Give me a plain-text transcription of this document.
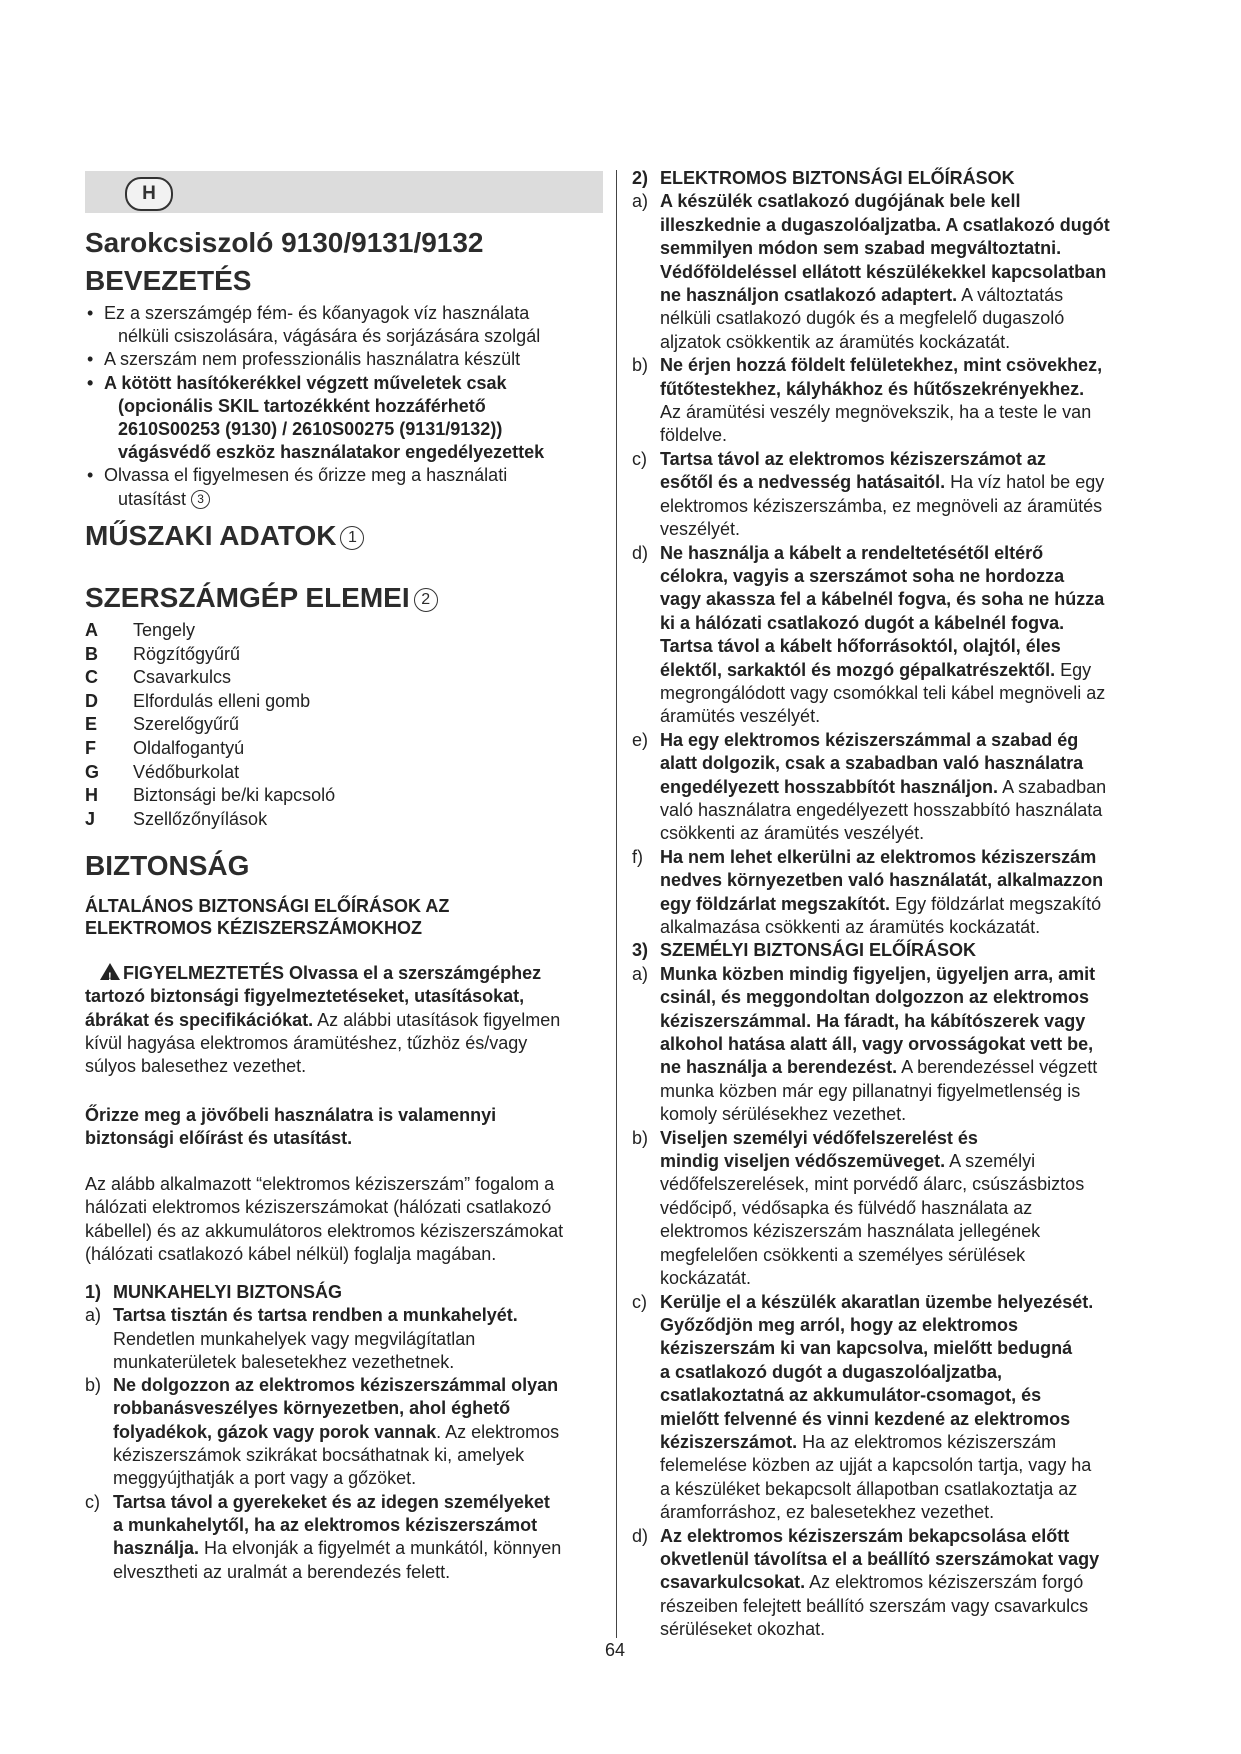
H
Sarokcsiszoló 9130/9131/9132
BEVEZETÉS
• Ez a szerszámgép fém- és kőanyagok víz használata
nélküli csiszolására, vágására és sorjázására szolgál
• A szerszám nem professzionális használatra készült
• A kötött hasítókerékkel végzett műveletek csak
(opcionális SKIL tartozékként hozzáférhető
2610S00253 (9130) / 2610S00275 (9131/9132))
vágásvédő eszköz használatakor engedélyezettek
• Olvassa el figyelmesen és őrizze meg a használati
utasítást 3
MŰSZAKI ADATOK 1
SZERSZÁMGÉP ELEMEI 2
A	Tengely
B	Rögzítőgyűrű
C	Csavarkulcs
D	Elfordulás elleni gomb
E	Szerelőgyűrű
F	Oldalfogantyú
G	Védőburkolat
H	Biztonsági be/ki kapcsoló
J	Szellőzőnyílások
BIZTONSÁG
ÁLTALÁNOS BIZTONSÁGI ELŐÍRÁSOK AZ
ELEKTROMOS KÉZISZERSZÁMOKHOZ
! FIGYELMEZTETÉS Olvassa el a szerszámgéphez
tartozó biztonsági figyelmeztetéseket, utasításokat,
ábrákat és specifikációkat. Az alábbi utasítások figyelmen
kívül hagyása elektromos áramütéshez, tűzhöz és/vagy
súlyos balesethez vezethet.
Őrizze meg a jövőbeli használatra is valamennyi
biztonsági előírást és utasítást.
Az alább alkalmazott “elektromos kéziszerszám” fogalom a
hálózati elektromos kéziszerszámokat (hálózati csatlakozó
kábellel) és az akkumulátoros elektromos kéziszerszámokat
(hálózati csatlakozó kábel nélkül) foglalja magában.
1) MUNKAHELYI BIZTONSÁG
a) Tartsa tisztán és tartsa rendben a munkahelyét.
Rendetlen munkahelyek vagy megvilágítatlan
munkaterületek balesetekhez vezethetnek.
b) Ne dolgozzon az elektromos kéziszerszámmal olyan
robbanásveszélyes környezetben, ahol éghető
folyadékok, gázok vagy porok vannak. Az elektromos
kéziszerszámok szikrákat bocsáthatnak ki, amelyek
meggyújthatják a port vagy a gőzöket.
c) Tartsa távol a gyerekeket és az idegen személyeket
a munkahelytől, ha az elektromos kéziszerszámot
használja. Ha elvonják a figyelmét a munkától, könnyen
elvesztheti az uralmát a berendezés felett.
2) ELEKTROMOS BIZTONSÁGI ELŐÍRÁSOK
a) A készülék csatlakozó dugójának bele kell
illeszkednie a dugaszolóaljzatba. A csatlakozó dugót
semmilyen módon sem szabad megváltoztatni.
Védőföldeléssel ellátott készülékekkel kapcsolatban
ne használjon csatlakozó adaptert. A változtatás
nélküli csatlakozó dugók és a megfelelő dugaszoló
aljzatok csökkentik az áramütés kockázatát.
b) Ne érjen hozzá földelt felületekhez, mint csövekhez,
fűtőtestekhez, kályhákhoz és hűtőszekrényekhez.
Az áramütési veszély megnövekszik, ha a teste le van
földelve.
c) Tartsa távol az elektromos kéziszerszámot az
esőtől és a nedvesség hatásaitól. Ha víz hatol be egy
elektromos kéziszerszámba, ez megnöveli az áramütés
veszélyét.
d) Ne használja a kábelt a rendeltetésétől eltérő
célokra, vagyis a szerszámot soha ne hordozza
vagy akassza fel a kábelnél fogva, és soha ne húzza
ki a hálózati csatlakozó dugót a kábelnél fogva.
Tartsa távol a kábelt hőforrásoktól, olajtól, éles
élektől, sarkaktól és mozgó gépalkatrészektől. Egy
megrongálódott vagy csomókkal teli kábel megnöveli az
áramütés veszélyét.
e) Ha egy elektromos kéziszerszámmal a szabad ég
alatt dolgozik, csak a szabadban való használatra
engedélyezett hosszabbítót használjon. A szabadban
való használatra engedélyezett hosszabbító használata
csökkenti az áramütés veszélyét.
f) Ha nem lehet elkerülni az elektromos kéziszerszám
nedves környezetben való használatát, alkalmazzon
egy földzárlat megszakítót. Egy földzárlat megszakító
alkalmazása csökkenti az áramütés kockázatát.
3) SZEMÉLYI BIZTONSÁGI ELŐÍRÁSOK
a) Munka közben mindig figyeljen, ügyeljen arra, amit
csinál, és meggondoltan dolgozzon az elektromos
kéziszerszámmal. Ha fáradt, ha kábítószerek vagy
alkohol hatása alatt áll, vagy orvosságokat vett be,
ne használja a berendezést. A berendezéssel végzett
munka közben már egy pillanatnyi figyelmetlenség is
komoly sérülésekhez vezethet.
b) Viseljen személyi védőfelszerelést és
mindig viseljen védőszemüveget. A személyi
védőfelszerelések, mint porvédő álarc, csúszásbiztos
védőcipő, védősapka és fülvédő használata az
elektromos kéziszerszám használata jellegének
megfelelően csökkenti a személyes sérülések
kockázatát.
c) Kerülje el a készülék akaratlan üzembe helyezését.
Győződjön meg arról, hogy az elektromos
kéziszerszám ki van kapcsolva, mielőtt bedugná
a csatlakozó dugót a dugaszolóaljzatba,
csatlakoztatná az akkumulátor-csomagot, és
mielőtt felvenné és vinni kezdené az elektromos
kéziszerszámot. Ha az elektromos kéziszerszám
felemelése közben az ujját a kapcsolón tartja, vagy ha
a készüléket bekapcsolt állapotban csatlakoztatja az
áramforráshoz, ez balesetekhez vezethet.
d) Az elektromos kéziszerszám bekapcsolása előtt
okvetlenül távolítsa el a beállító szerszámokat vagy
csavarkulcsokat. Az elektromos kéziszerszám forgó
részeiben felejtett beállító szerszám vagy csavarkulcs
sérüléseket okozhat.
64
